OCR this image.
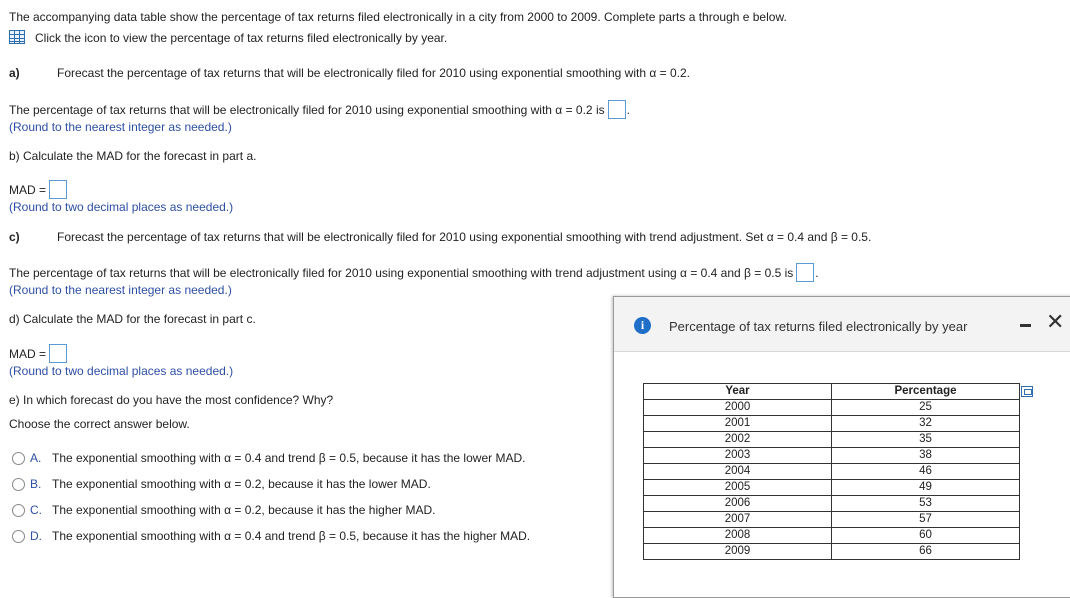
The accompanying data table show the percentage of tax returns filed electronically in a city from 2000 to 2009. Complete parts a through e below.
Click the icon to view the percentage of tax returns filed electronically by year.
a)	Forecast the percentage of tax returns that will be electronically filed for 2010 using exponential smoothing with α = 0.2.
The percentage of tax returns that will be electronically filed for 2010 using exponential smoothing with α = 0.2 is .
(Round to the nearest integer as needed.)
b) Calculate the MAD for the forecast in part a.
MAD =
(Round to two decimal places as needed.)
c)	Forecast the percentage of tax returns that will be electronically filed for 2010 using exponential smoothing with trend adjustment. Set α = 0.4 and β = 0.5.
The percentage of tax returns that will be electronically filed for 2010 using exponential smoothing with trend adjustment using α = 0.4 and β = 0.5 is .
(Round to the nearest integer as needed.)
d) Calculate the MAD for the forecast in part c.
MAD =
(Round to two decimal places as needed.)
e) In which forecast do you have the most confidence? Why?
Choose the correct answer below.
A. The exponential smoothing with α = 0.4 and trend β = 0.5, because it has the lower MAD.
B. The exponential smoothing with α = 0.2, because it has the lower MAD.
C. The exponential smoothing with α = 0.2, because it has the higher MAD.
D. The exponential smoothing with α = 0.4 and trend β = 0.5, because it has the higher MAD.
i	Percentage of tax returns filed electronically by year	✕
Year	Percentage
2000	25
2001	32
2002	35
2003	38
2004	46
2005	49
2006	53
2007	57
2008	60
2009	66
